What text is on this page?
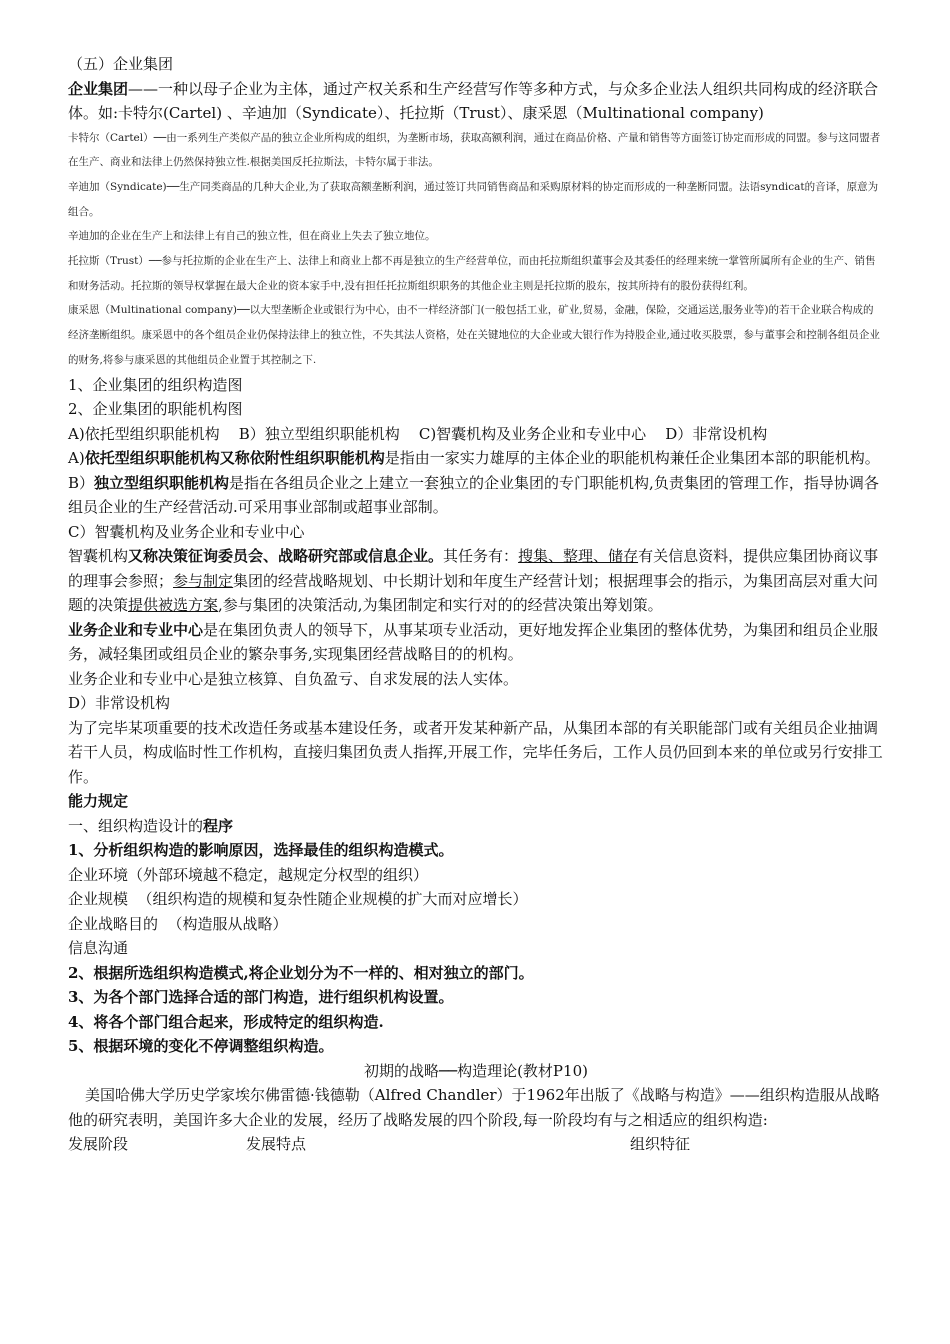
（五）企业集团

企业集团——一种以母子企业为主体，通过产权关系和生产经营写作等多种方式，与众多企业法人组织共同构成的经济联合体。如:卡特尔(Cartel) 、辛迪加（Syndicate）、托拉斯（Trust）、康采恩（Multinational company)

卡特尔（Cartel）──由一系列生产类似产品的独立企业所构成的组织，为垄断市场，获取高额利润，通过在商品价格、产量和销售等方面签订协定而形成的同盟。参与这同盟者在生产、商业和法律上仍然保持独立性.根据美国反托拉斯法，卡特尔属于非法。

辛迪加（Syndicate)──生产同类商品的几种大企业,为了获取高额垄断利润，通过签订共同销售商品和采购原材料的协定而形成的一种垄断同盟。法语syndicat的音译，原意为组合。

辛迪加的企业在生产上和法律上有自己的独立性，但在商业上失去了独立地位。

托拉斯（Trust）──参与托拉斯的企业在生产上、法律上和商业上都不再是独立的生产经营单位，而由托拉斯组织董事会及其委任的经理来统一掌管所属所有企业的生产、销售和财务活动。托拉斯的领导权掌握在最大企业的资本家手中,没有担任托拉斯组织职务的其他企业主则是托拉斯的股东，按其所持有的股份获得红利。

康采恩（Multinational company)──以大型垄断企业或银行为中心，由不一样经济部门(一般包括工业，矿业,贸易，金融，保险，交通运送,服务业等)的若干企业联合构成的经济垄断组织。康采恩中的各个组员企业仍保持法律上的独立性，不失其法人资格，处在关键地位的大企业或大银行作为持股企业,通过收买股票，参与董事会和控制各组员企业的财务,将参与康采恩的其他组员企业置于其控制之下.

1、企业集团的组织构造图

2、企业集团的职能机构图

A)依托型组织职能机构    B）独立型组织职能机构    C)智囊机构及业务企业和专业中心    D）非常设机构

A)依托型组织职能机构又称依附性组织职能机构是指由一家实力雄厚的主体企业的职能机构兼任企业集团本部的职能机构。

B）独立型组织职能机构是指在各组员企业之上建立一套独立的企业集团的专门职能机构,负责集团的管理工作，指导协调各组员企业的生产经营活动.可采用事业部制或超事业部制。

C）智囊机构及业务企业和专业中心

智囊机构又称决策征询委员会、战略研究部或信息企业。其任务有：搜集、整理、储存有关信息资料，提供应集团协商议事的理事会参照；参与制定集团的经营战略规划、中长期计划和年度生产经营计划；根据理事会的指示，为集团高层对重大问题的决策提供被选方案,参与集团的决策活动,为集团制定和实行对的的经营决策出筹划策。

业务企业和专业中心是在集团负责人的领导下，从事某项专业活动，更好地发挥企业集团的整体优势，为集团和组员企业服务，减轻集团或组员企业的繁杂事务,实现集团经营战略目的的机构。

业务企业和专业中心是独立核算、自负盈亏、自求发展的法人实体。

D）非常设机构

为了完毕某项重要的技术改造任务或基本建设任务，或者开发某种新产品，从集团本部的有关职能部门或有关组员企业抽调若干人员，构成临时性工作机构，直接归集团负责人指挥,开展工作，完毕任务后，工作人员仍回到本来的单位或另行安排工作。

能力规定

一、组织构造设计的程序

1、分析组织构造的影响原因，选择最佳的组织构造模式。

企业环境（外部环境越不稳定，越规定分权型的组织）

企业规模  （组织构造的规模和复杂性随企业规模的扩大而对应增长）

企业战略目的  （构造服从战略）

信息沟通

2、根据所选组织构造模式,将企业划分为不一样的、相对独立的部门。

3、为各个部门选择合适的部门构造，进行组织机构设置。

4、将各个部门组合起来，形成特定的组织构造.

5、根据环境的变化不停调整组织构造。

初期的战略──构造理论(教材P10)

美国哈佛大学历史学家埃尔佛雷德·钱德勒（Alfred Chandler）于1962年出版了《战略与构造》——组织构造服从战略

他的研究表明，美国许多大企业的发展，经历了战略发展的四个阶段,每一阶段均有与之相适应的组织构造:

发展阶段	发展特点	组织特征
